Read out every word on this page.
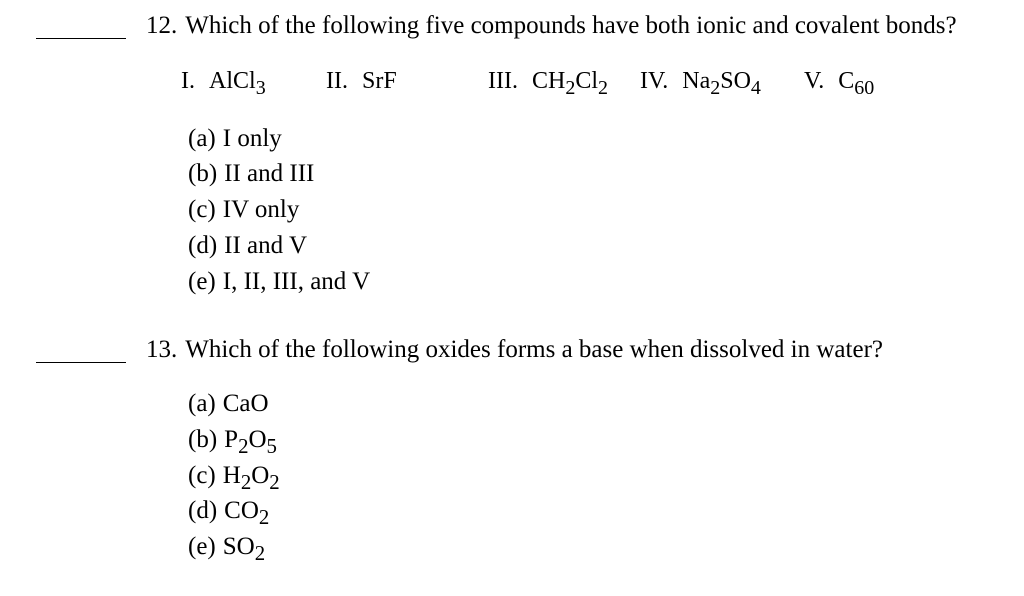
12. Which of the following five compounds have both ionic and covalent bonds?
I. AlCl$_3$	II. SrF	III. $CH_2Cl_2$ IV. $Na_2SO_4$ V. $C_{60}$
(a) I only
(b) II and III
(c) IV only
(d) II and V
(e) I, II, III, and V
13. Which of the following oxides forms a base when dissolved in water?
(a) CaO
(b) $P_2O_5$
(c) $H_2O_2$
(d) $CO_2$
(e) $SO_2$
